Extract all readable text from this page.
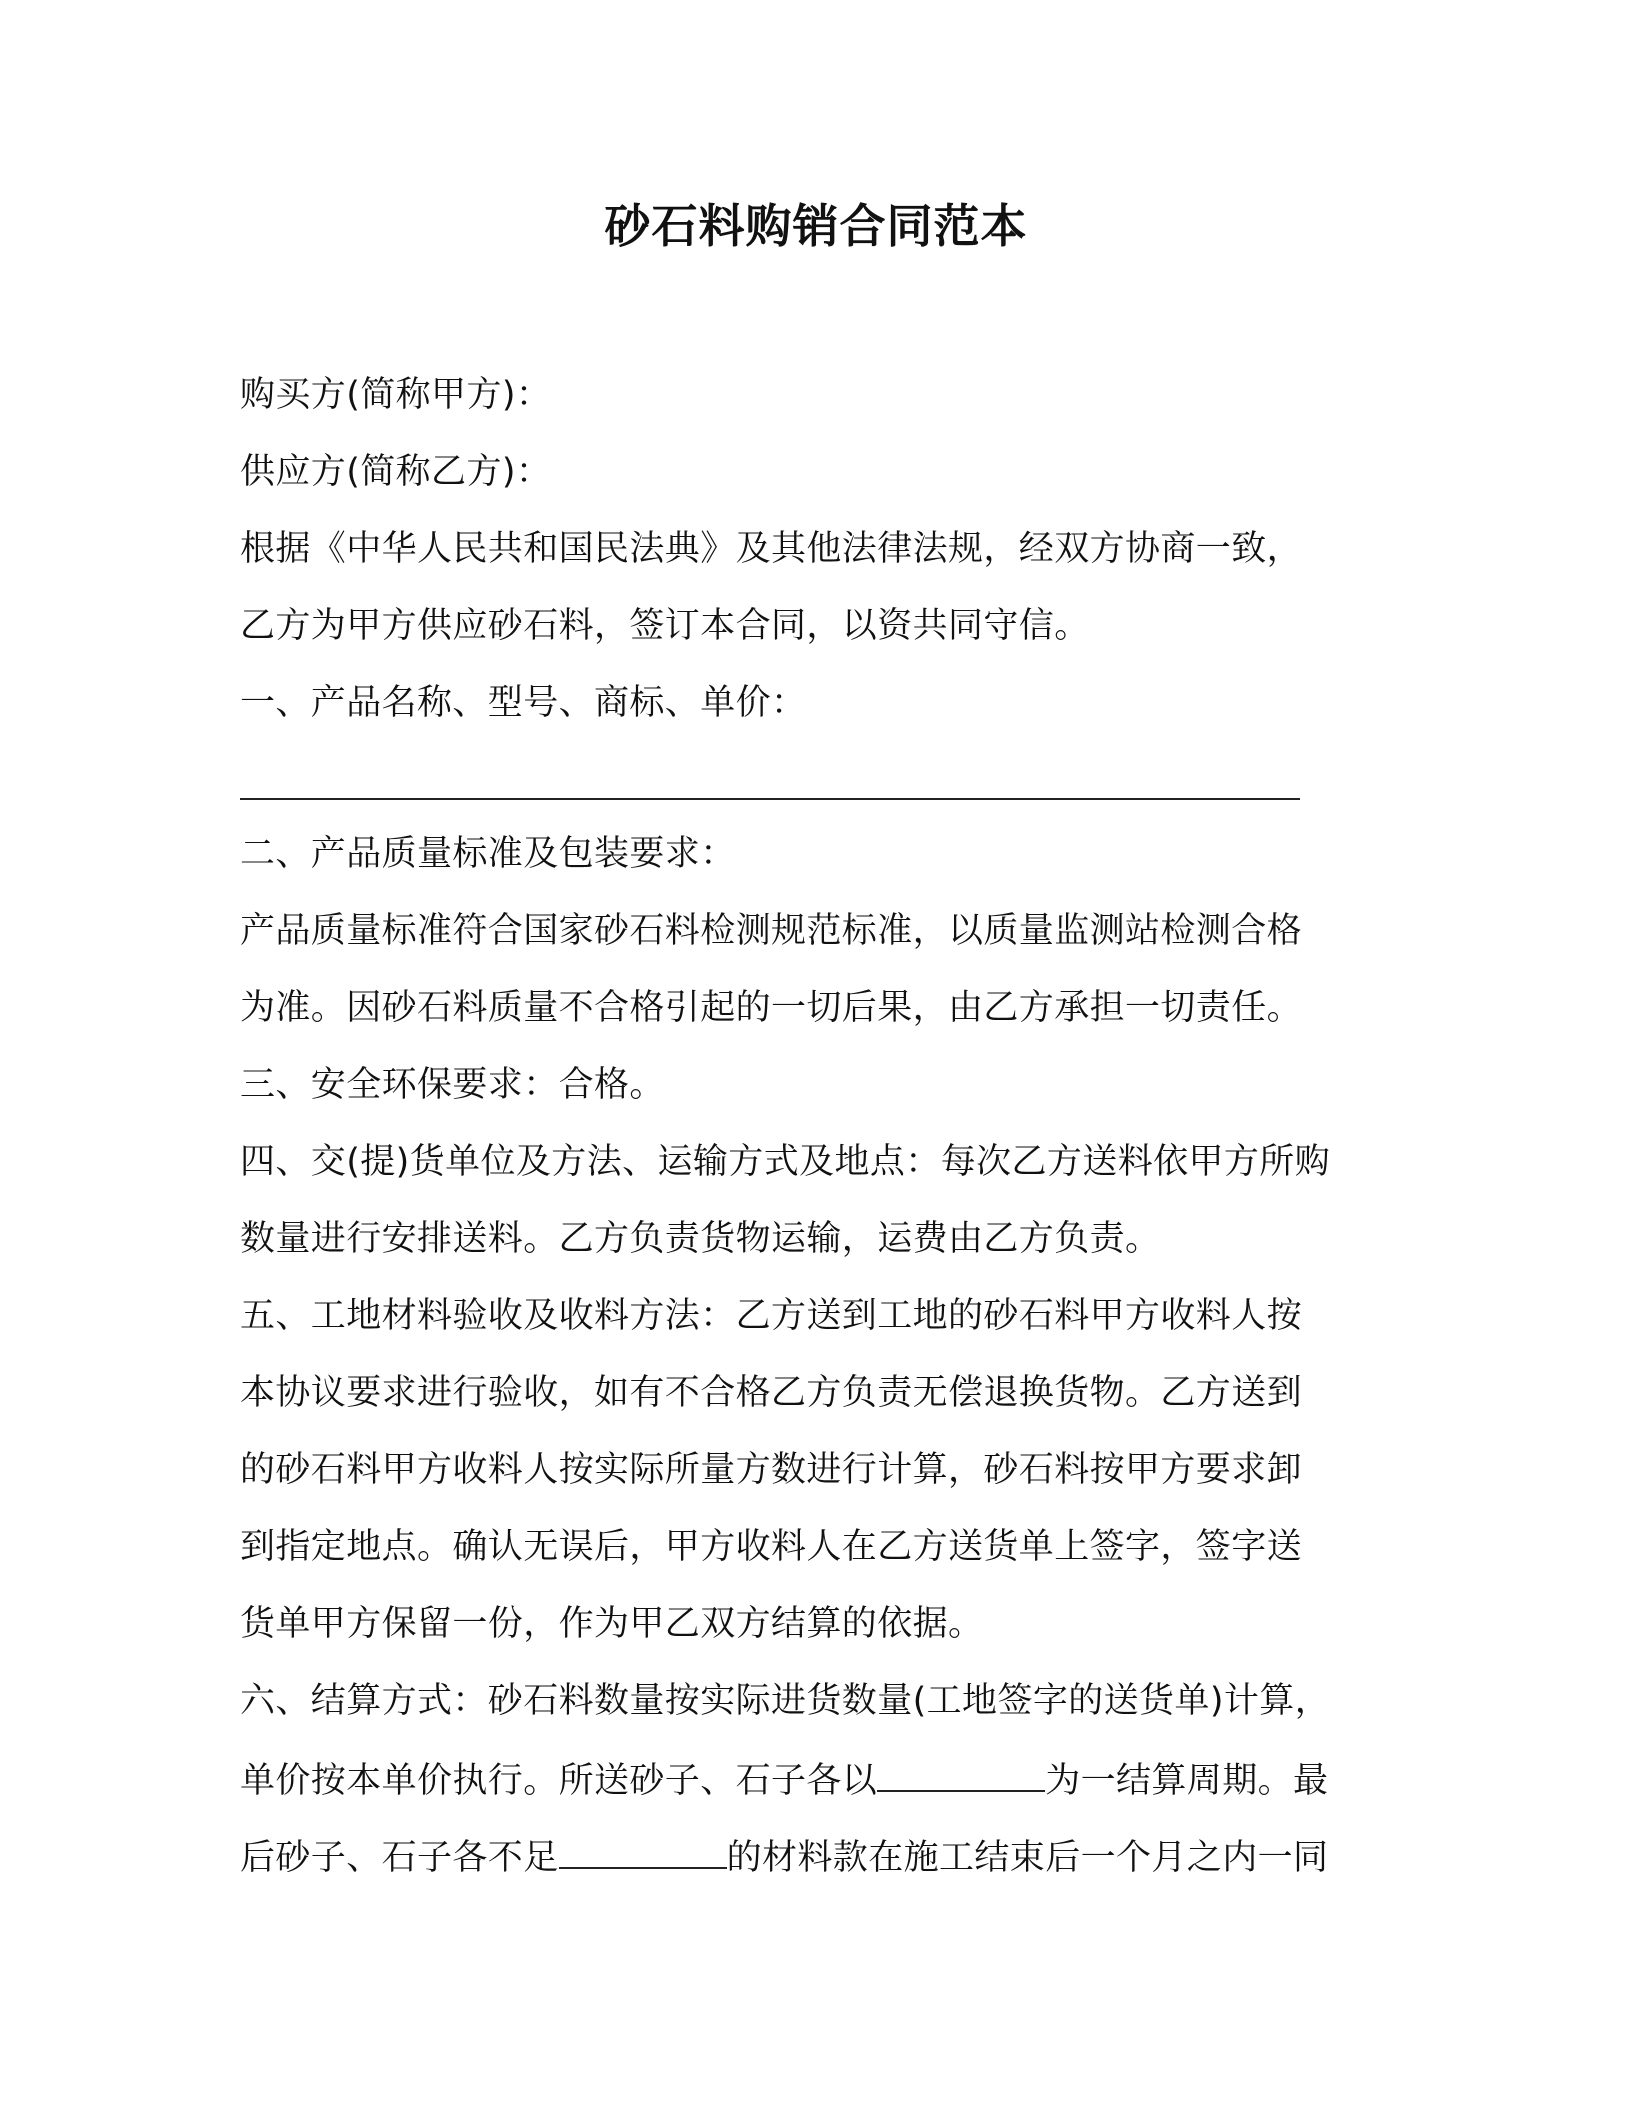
砂石料购销合同范本
购买方(简称甲方)：
供应方(简称乙方)：
根据《中华人民共和国民法典》及其他法律法规，经双方协商一致，
乙方为甲方供应砂石料，签订本合同，以资共同守信。
一、产品名称、型号、商标、单价：
二、产品质量标准及包装要求：
产品质量标准符合国家砂石料检测规范标准，以质量监测站检测合格
为准。因砂石料质量不合格引起的一切后果，由乙方承担一切责任。
三、安全环保要求：合格。
四、交(提)货单位及方法、运输方式及地点：每次乙方送料依甲方所购
数量进行安排送料。乙方负责货物运输，运费由乙方负责。
五、工地材料验收及收料方法：乙方送到工地的砂石料甲方收料人按
本协议要求进行验收，如有不合格乙方负责无偿退换货物。乙方送到
的砂石料甲方收料人按实际所量方数进行计算，砂石料按甲方要求卸
到指定地点。确认无误后，甲方收料人在乙方送货单上签字，签字送
货单甲方保留一份，作为甲乙双方结算的依据。
六、结算方式：砂石料数量按实际进货数量(工地签字的送货单)计算，
单价按本单价执行。所送砂子、石子各以	为一结算周期。最
后砂子、石子各不足	的材料款在施工结束后一个月之内一同
